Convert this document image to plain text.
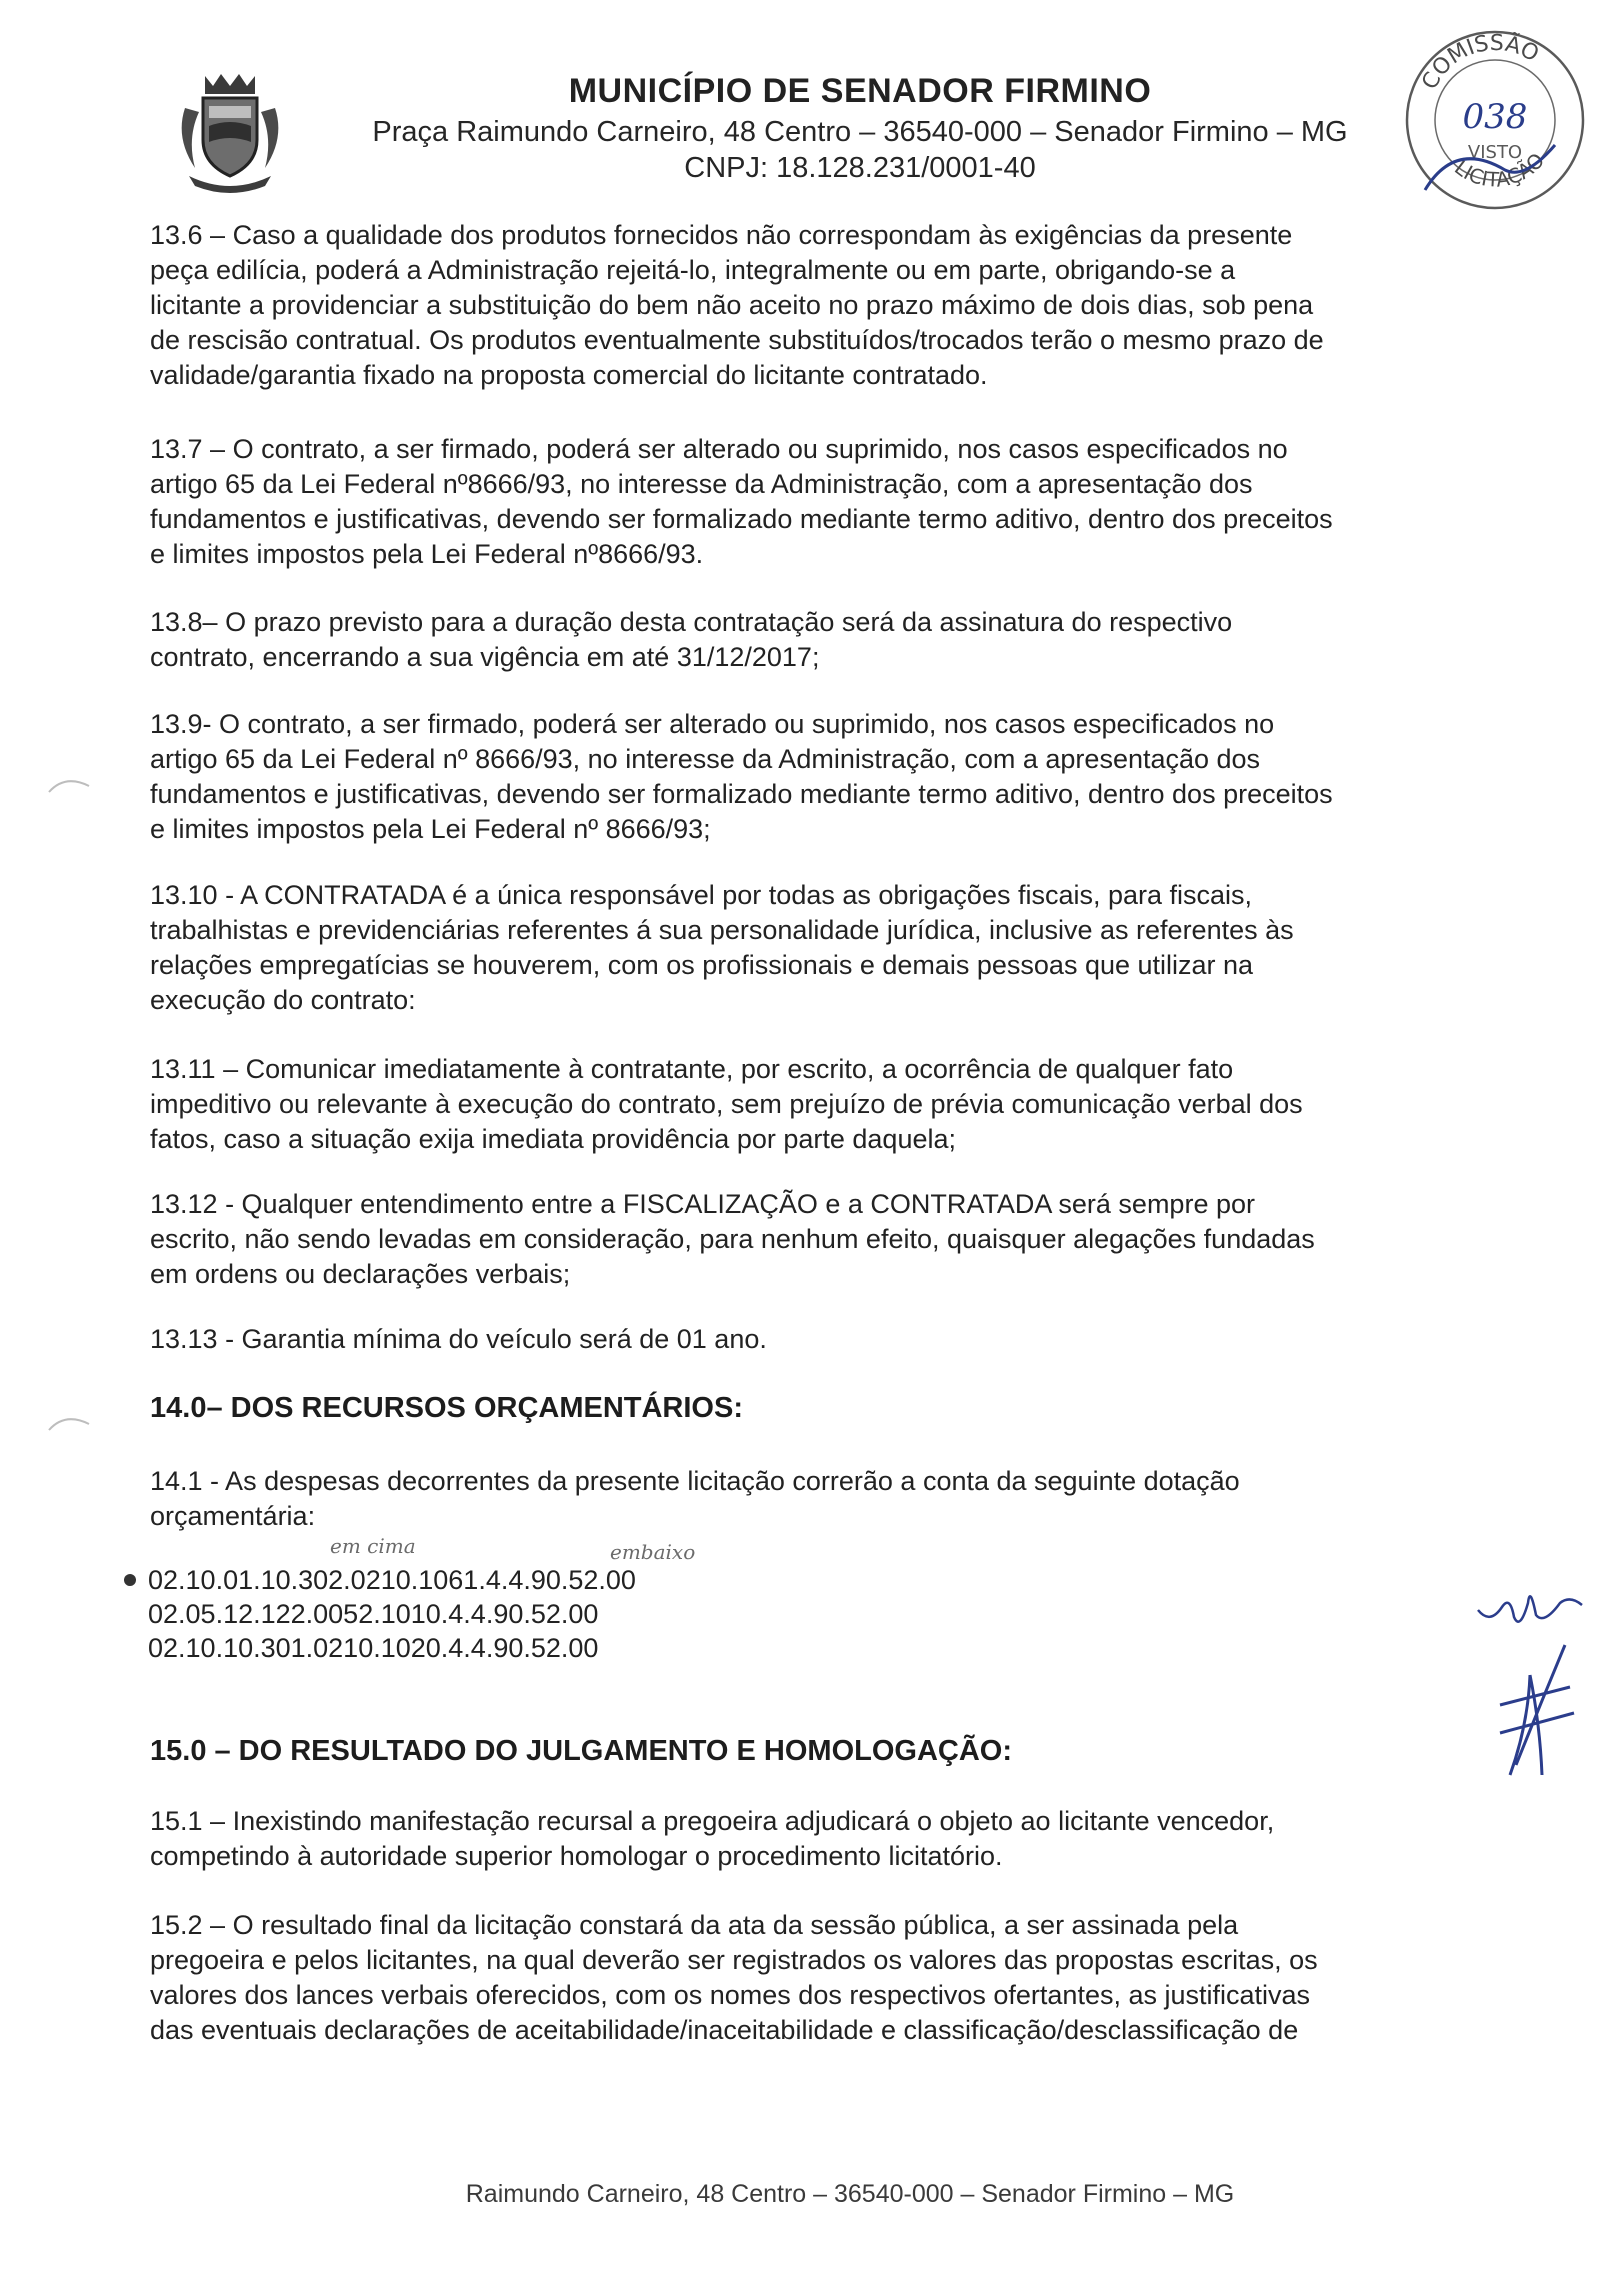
MUNICÍPIO DE SENADOR FIRMINO
Praça Raimundo Carneiro, 48 Centro – 36540-000 – Senador Firmino – MG
CNPJ: 18.128.231/0001-40
COMISSÃO
038
VISTO
LICITAÇÃO
13.6 – Caso a qualidade dos produtos fornecidos não correspondam às exigências da presente
peça edilícia, poderá a Administração rejeitá-lo, integralmente ou em parte, obrigando-se a
licitante a providenciar a substituição do bem não aceito no prazo máximo de dois dias, sob pena
de rescisão contratual. Os produtos eventualmente substituídos/trocados terão o mesmo prazo de
validade/garantia fixado na proposta comercial do licitante contratado.
13.7 – O contrato, a ser firmado, poderá ser alterado ou suprimido, nos casos especificados no
artigo 65 da Lei Federal nº8666/93, no interesse da Administração, com a apresentação dos
fundamentos e justificativas, devendo ser formalizado mediante termo aditivo, dentro dos preceitos
e limites impostos pela Lei Federal nº8666/93.
13.8– O prazo previsto para a duração desta contratação será da assinatura do respectivo
contrato, encerrando a sua vigência em até 31/12/2017;
13.9- O contrato, a ser firmado, poderá ser alterado ou suprimido, nos casos especificados no
artigo 65 da Lei Federal nº 8666/93, no interesse da Administração, com a apresentação dos
fundamentos e justificativas, devendo ser formalizado mediante termo aditivo, dentro dos preceitos
e limites impostos pela Lei Federal nº 8666/93;
13.10 - A CONTRATADA é a única responsável por todas as obrigações fiscais, para fiscais,
trabalhistas e previdenciárias referentes á sua personalidade jurídica, inclusive as referentes às
relações empregatícias se houverem, com os profissionais e demais pessoas que utilizar na
execução do contrato:
13.11 – Comunicar imediatamente à contratante, por escrito, a ocorrência de qualquer fato
impeditivo ou relevante à execução do contrato, sem prejuízo de prévia comunicação verbal dos
fatos, caso a situação exija imediata providência por parte daquela;
13.12 - Qualquer entendimento entre a FISCALIZAÇÃO e a CONTRATADA será sempre por
escrito, não sendo levadas em consideração, para nenhum efeito, quaisquer alegações fundadas
em ordens ou declarações verbais;
13.13 - Garantia mínima do veículo será de 01 ano.
14.0– DOS RECURSOS ORÇAMENTÁRIOS:
14.1 - As despesas decorrentes da presente licitação correrão a conta da seguinte dotação
orçamentária:
em cima	embaixo
02.10.01.10.302.0210.1061.4.4.90.52.00
02.05.12.122.0052.1010.4.4.90.52.00
02.10.10.301.0210.1020.4.4.90.52.00
15.0 – DO RESULTADO DO JULGAMENTO E HOMOLOGAÇÃO:
15.1 – Inexistindo manifestação recursal a pregoeira adjudicará o objeto ao licitante vencedor,
competindo à autoridade superior homologar o procedimento licitatório.
15.2 – O resultado final da licitação constará da ata da sessão pública, a ser assinada pela
pregoeira e pelos licitantes, na qual deverão ser registrados os valores das propostas escritas, os
valores dos lances verbais oferecidos, com os nomes dos respectivos ofertantes, as justificativas
das eventuais declarações de aceitabilidade/inaceitabilidade e classificação/desclassificação de
Raimundo Carneiro, 48 Centro – 36540-000 – Senador Firmino – MG
